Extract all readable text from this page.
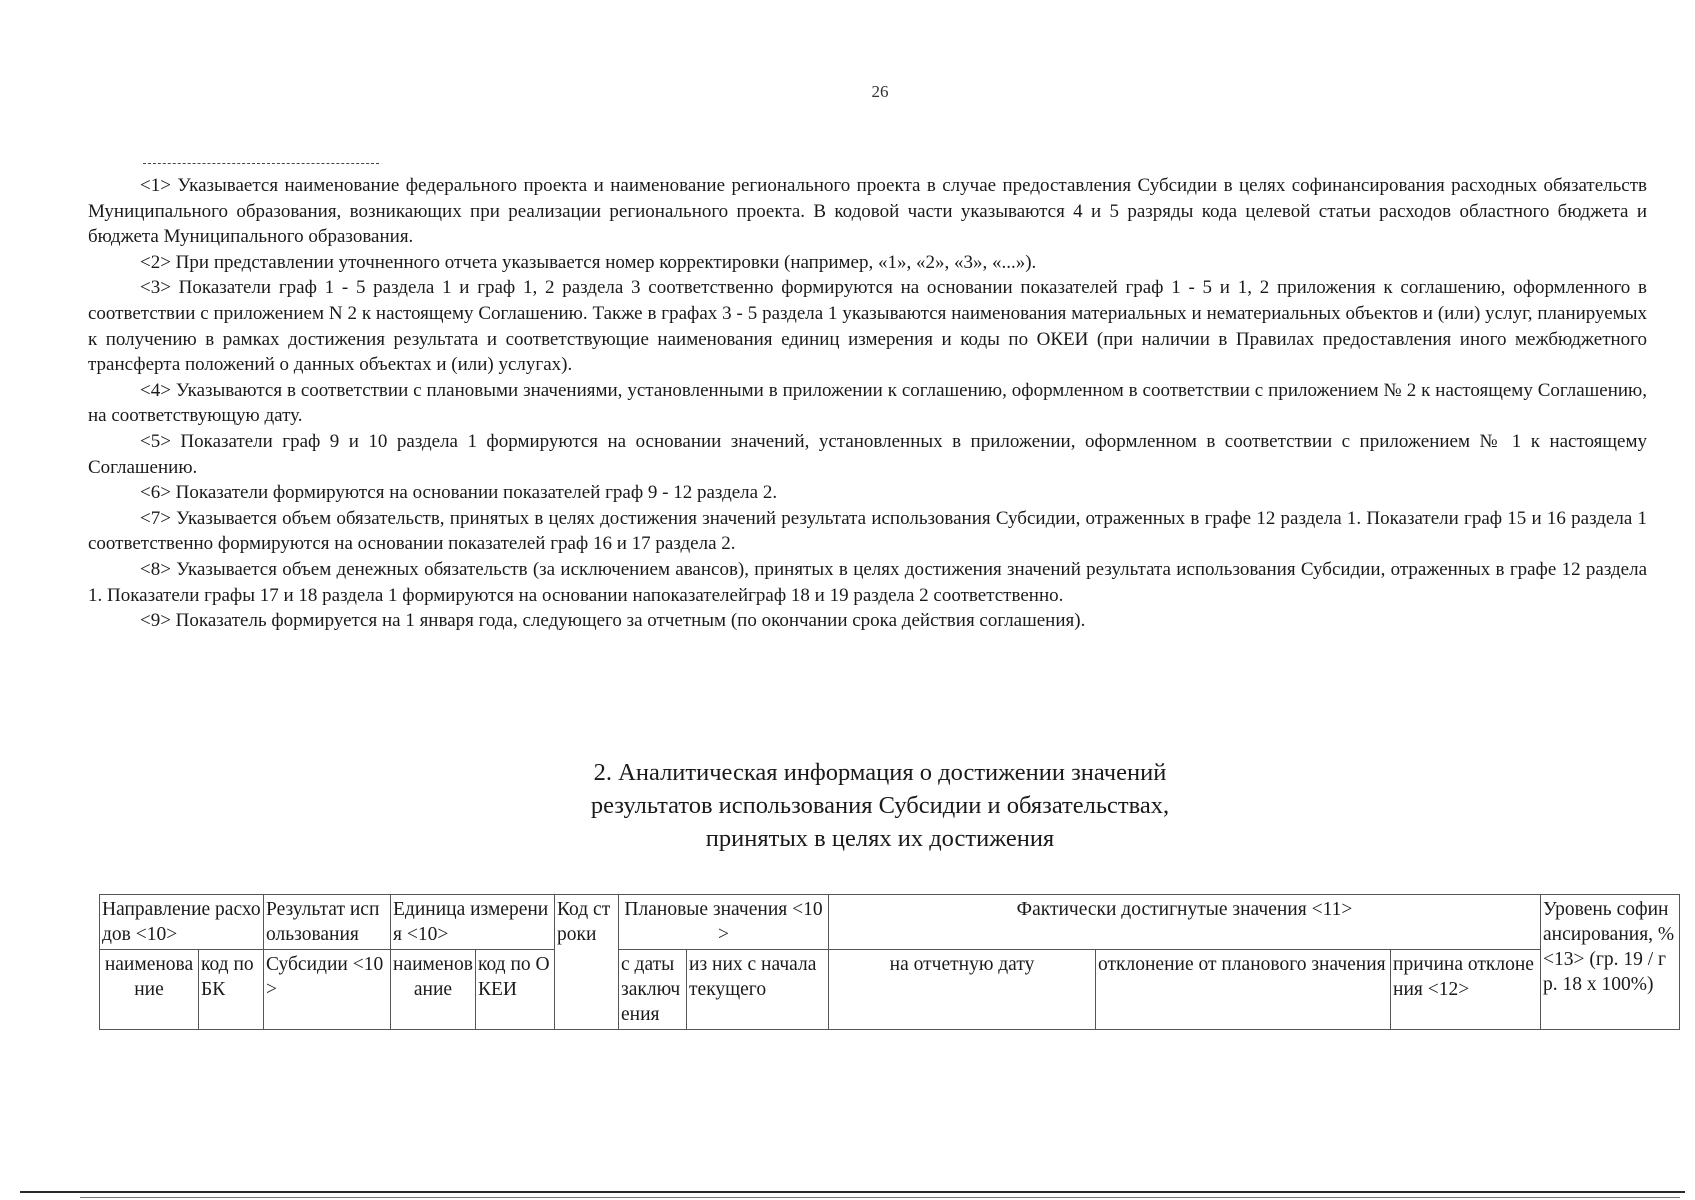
26

<1> Указывается наименование федерального проекта и наименование регионального проекта в случае предоставления Субсидии в целях софинансирования расходных обязательств Муниципального образования, возникающих при реализации регионального проекта. В кодовой части указываются 4 и 5 разряды кода целевой статьи расходов областного бюджета и бюджета Муниципального образования.

<2> При представлении уточненного отчета указывается номер корректировки (например, «1», «2», «3», «...»).

<3> Показатели граф 1 - 5 раздела 1 и граф 1, 2 раздела 3 соответственно формируются на основании показателей граф 1 - 5 и 1, 2 приложения к соглашению, оформленного в соответствии с приложением N 2 к настоящему Соглашению. Также в графах 3 - 5 раздела 1 указываются наименования материальных и нематериальных объектов и (или) услуг, планируемых к получению в рамках достижения результата и соответствующие наименования единиц измерения и коды по ОКЕИ (при наличии в Правилах предоставления иного межбюджетного трансферта положений о данных объектах и (или) услугах).

<4> Указываются в соответствии с плановыми значениями, установленными в приложении к соглашению, оформленном в соответствии с приложением № 2 к настоящему Соглашению, на соответствующую дату.

<5> Показатели граф 9 и 10 раздела 1 формируются на основании значений, установленных в приложении, оформленном в соответствии с приложением № 1 к настоящему Соглашению.

<6> Показатели формируются на основании показателей граф 9 - 12 раздела 2.

<7> Указывается объем обязательств, принятых в целях достижения значений результата использования Субсидии, отраженных в графе 12 раздела 1. Показатели граф 15 и 16 раздела 1 соответственно формируются на основании показателей граф 16 и 17 раздела 2.

<8> Указывается объем денежных обязательств (за исключением авансов), принятых в целях достижения значений результата использования Субсидии, отраженных в графе 12 раздела 1. Показатели графы 17 и 18 раздела 1 формируются на основании напоказателейграф 18 и 19 раздела 2 соответственно.

<9> Показатель формируется на 1 января года, следующего за отчетным (по окончании срока действия соглашения).

2. Аналитическая информация о достижении значений
результатов использования Субсидии и обязательствах,
принятых в целях их достижения
Направление расходов <10>		Результат использования	Единица измерения <10>		Код строки	Плановые значения <10>		Фактически достигнутые значения <11>			Уровень софинансирования, % <13> (гр. 19 / гр. 18 x 100%)
наименование	код по БК	Субсидии <10>	наименование	код по ОКЕИ		с даты заключения	из них с начала текущего	на отчетную дату	отклонение от планового значения	причина отклонения <12>	
